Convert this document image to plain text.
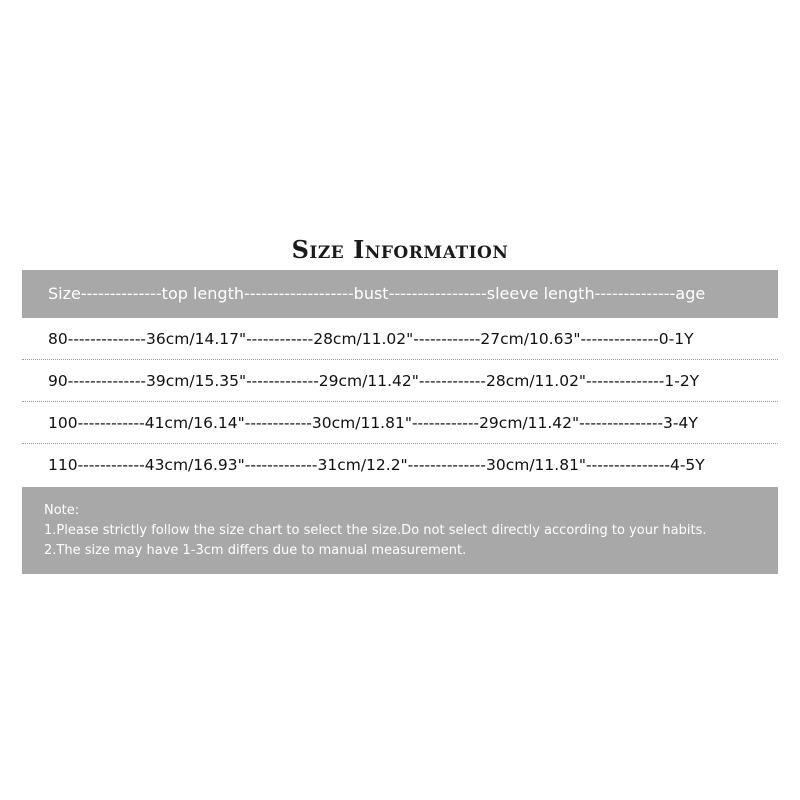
Size Information
Size--------------top length-------------------bust-----------------sleeve length--------------age
80--------------36cm/14.17"------------28cm/11.02"------------27cm/10.63"--------------0-1Y
90--------------39cm/15.35"-------------29cm/11.42"------------28cm/11.02"--------------1-2Y
100------------41cm/16.14"------------30cm/11.81"------------29cm/11.42"---------------3-4Y
110------------43cm/16.93"-------------31cm/12.2"--------------30cm/11.81"---------------4-5Y
Note:
1.Please strictly follow the size chart to select the size.Do not select directly according to your habits.
2.The size may have 1-3cm differs due to manual measurement.
